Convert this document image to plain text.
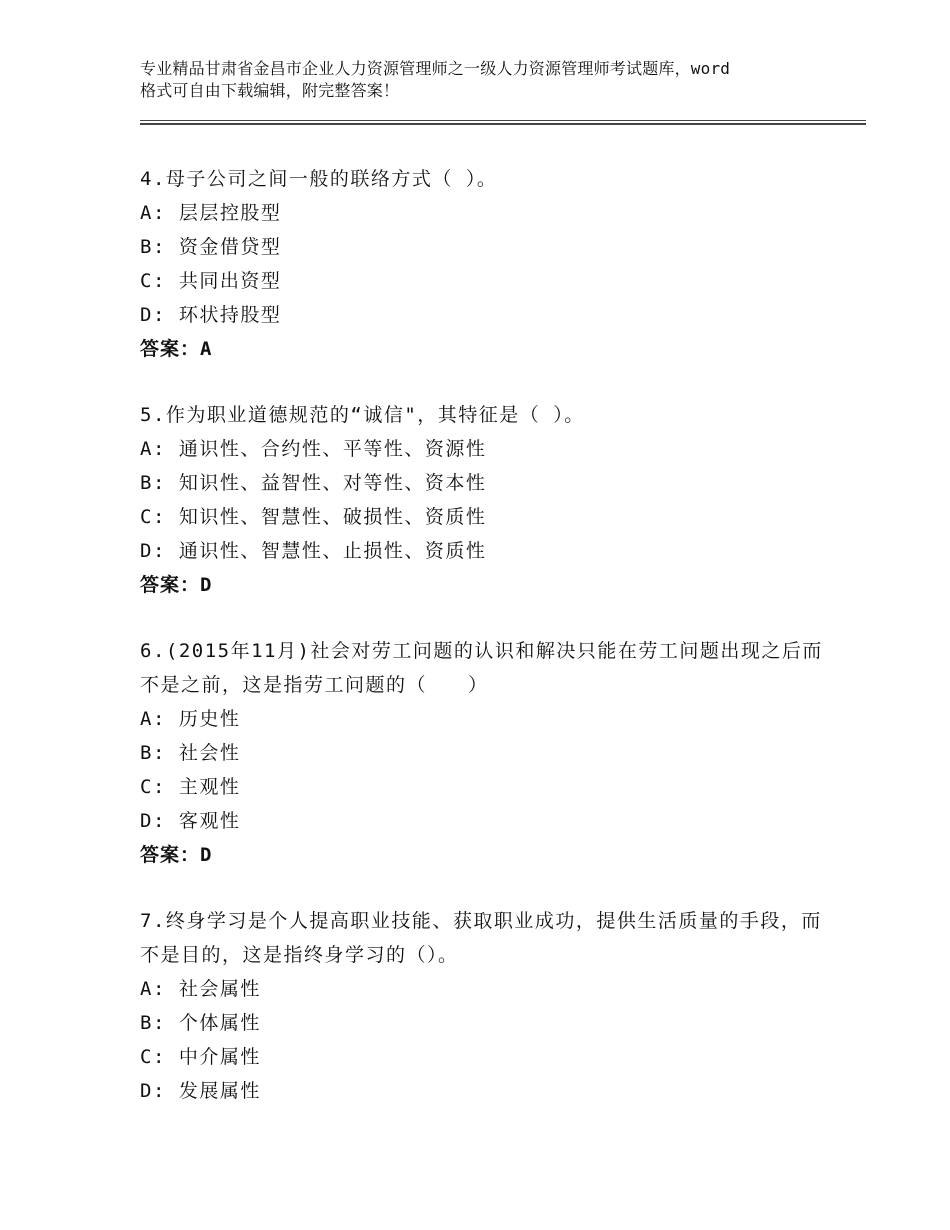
专业精品甘肃省金昌市企业人力资源管理师之一级人力资源管理师考试题库，word
格式可自由下载编辑，附完整答案！
4.母子公司之间一般的联络方式（ ）。
A: 层层控股型
B: 资金借贷型
C: 共同出资型
D: 环状持股型
答案：A
5.作为职业道德规范的“诚信"，其特征是（ ）。
A: 通识性、合约性、平等性、资源性
B: 知识性、益智性、对等性、资本性
C: 知识性、智慧性、破损性、资质性
D: 通识性、智慧性、止损性、资质性
答案：D
6.(2015年11月)社会对劳工问题的认识和解决只能在劳工问题出现之后而不是之前，这是指劳工问题的（　　）
A: 历史性
B: 社会性
C: 主观性
D: 客观性
答案：D
7.终身学习是个人提高职业技能、获取职业成功，提供生活质量的手段，而不是目的，这是指终身学习的（）。
A: 社会属性
B: 个体属性
C: 中介属性
D: 发展属性
